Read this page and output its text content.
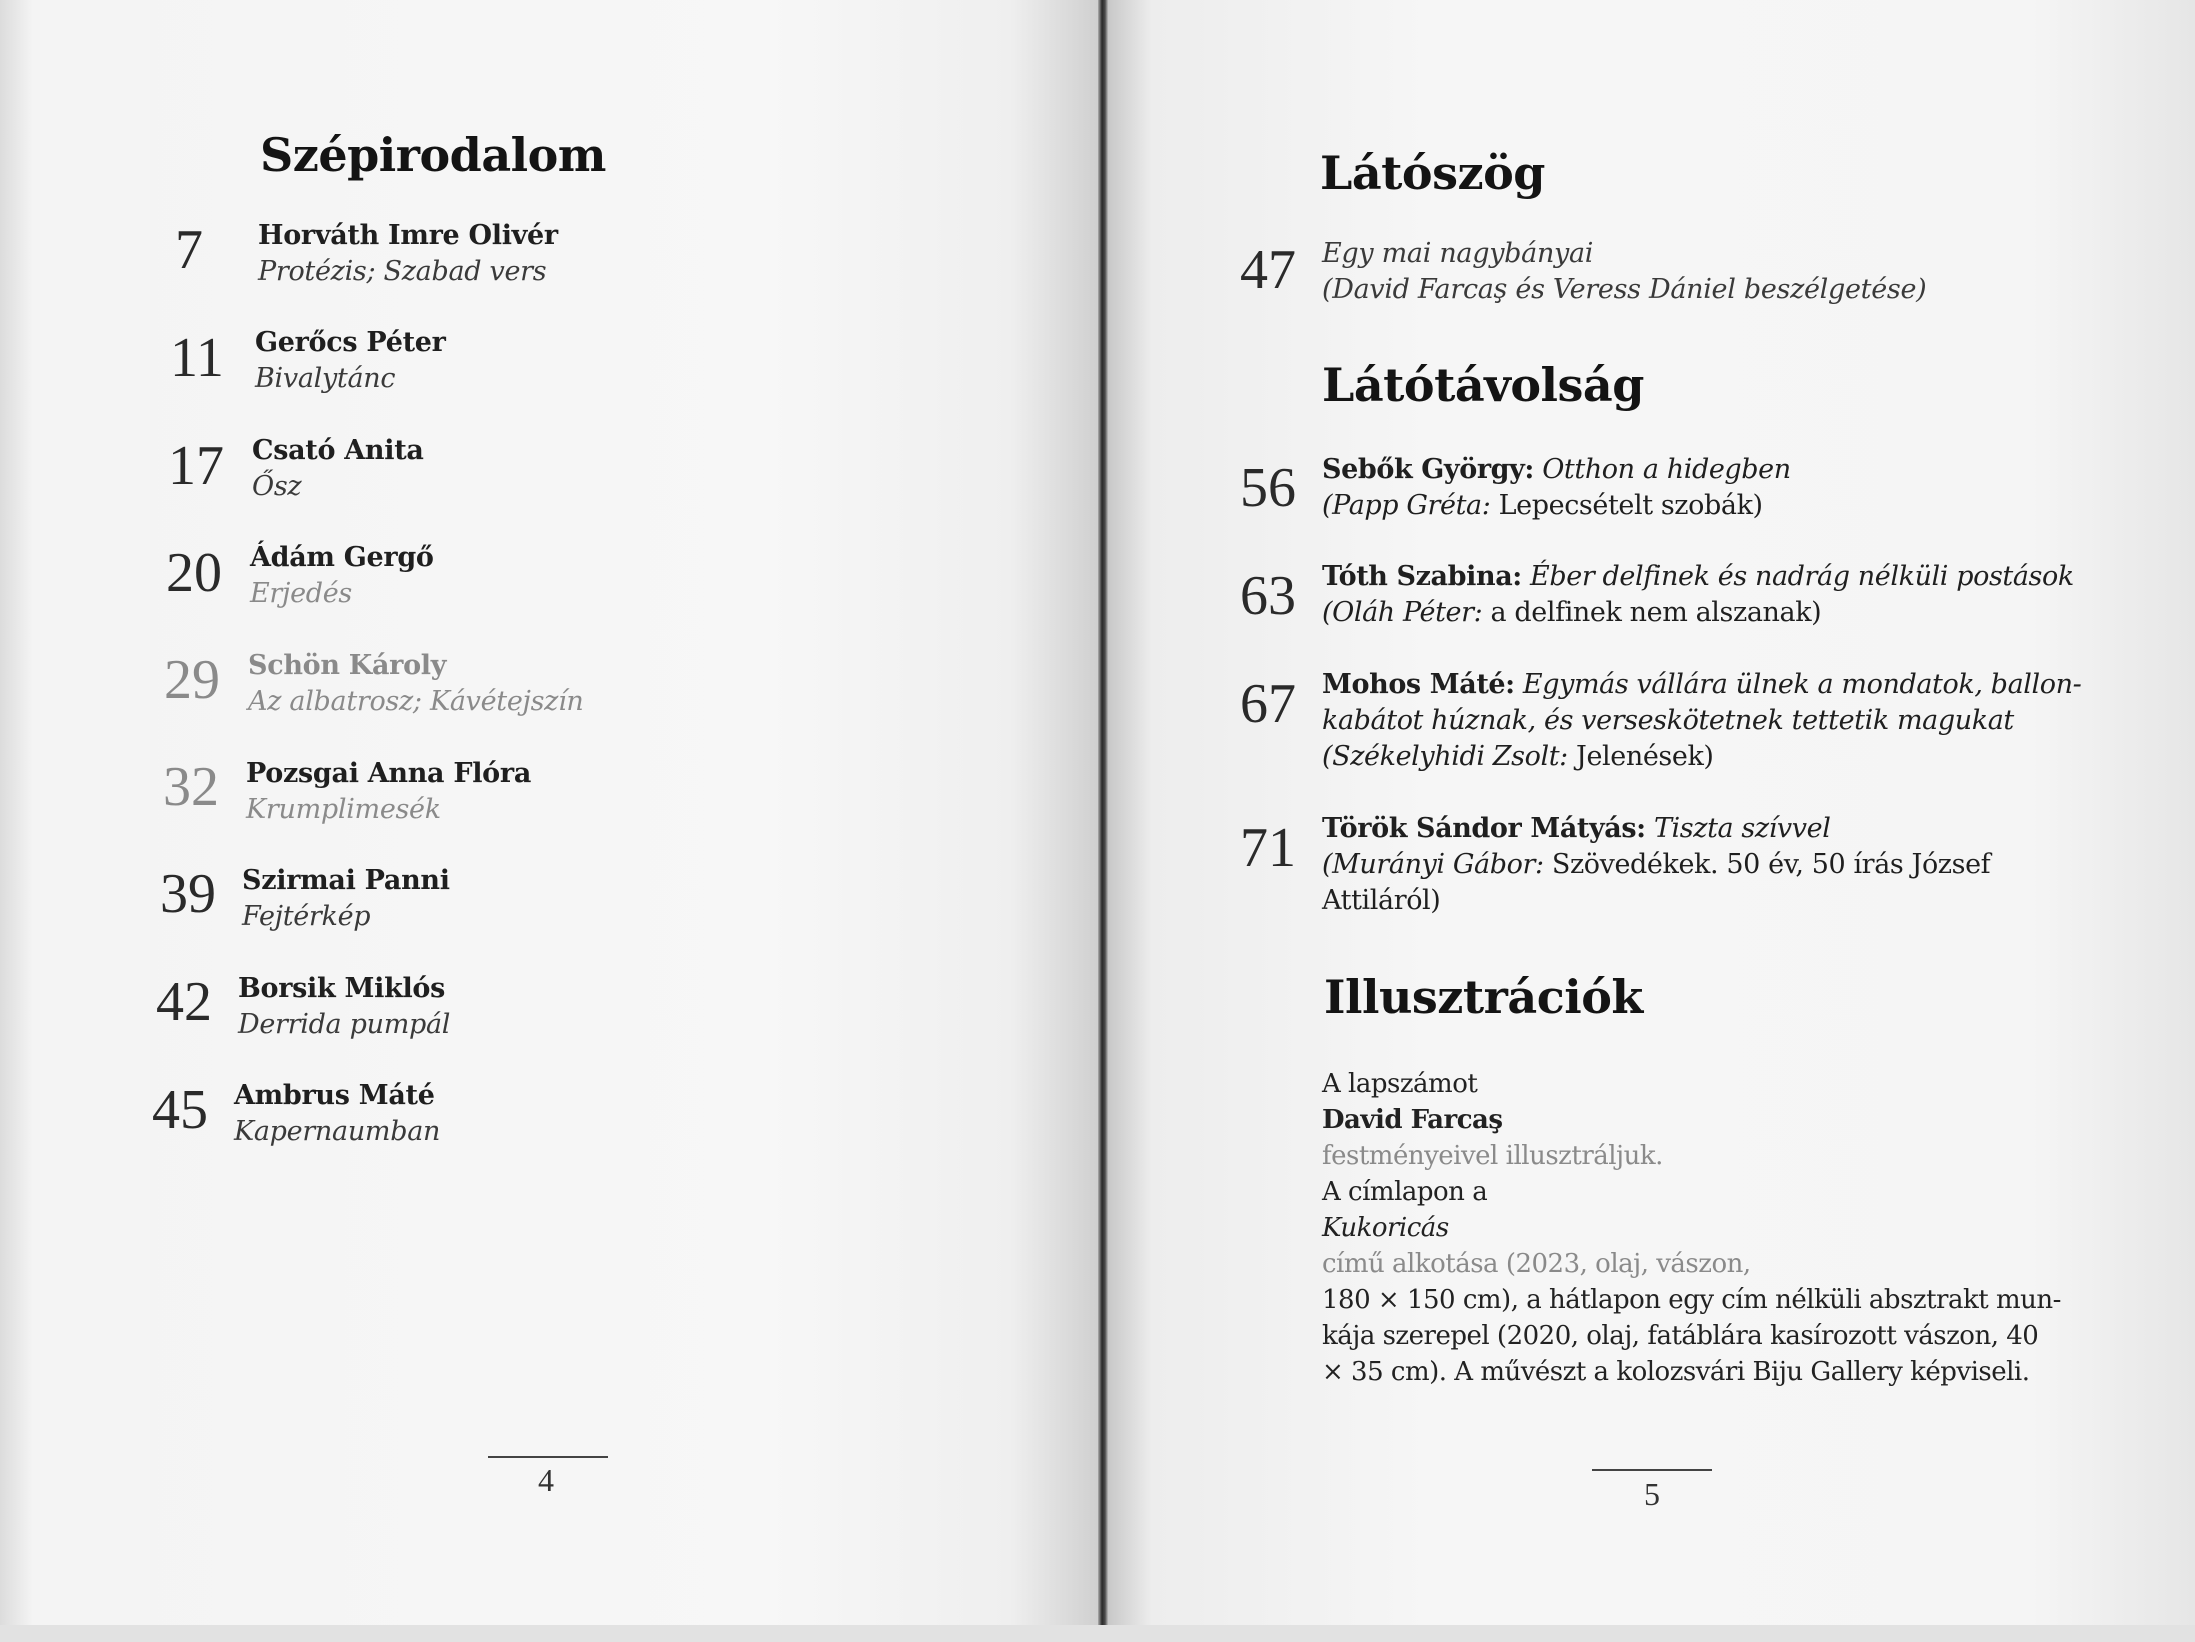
Szépirodalom
7 Horváth Imre Olivér
Protézis; Szabad vers
11 Gerőcs Péter
Bivalytánc
17 Csató Anita
Ősz
20 Ádám Gergő
Erjedés
29 Schön Károly
Az albatrosz; Kávétejszín
32 Pozsgai Anna Flóra
Krumplimesék
39 Szirmai Panni
Fejtérkép
42 Borsik Miklós
Derrida pumpál
45 Ambrus Máté
Kapernaumban
4
Látószög
47 Egy mai nagybányai
(David Farcaş és Veress Dániel beszélgetése)
Látótávolság
56 Sebők György: Otthon a hidegben
(Papp Gréta: Lepecsételt szobák)
63 Tóth Szabina: Éber delfinek és nadrág nélküli postások
(Oláh Péter: a delfinek nem alszanak)
67 Mohos Máté: Egymás vállára ülnek a mondatok, ballon-
kabátot húznak, és verseskötetnek tettetik magukat
(Székelyhidi Zsolt: Jelenések)
71 Török Sándor Mátyás: Tiszta szívvel
(Murányi Gábor: Szövedékek. 50 év, 50 írás József
Attiláról)
Illusztrációk
5
A lapszámot
David Farcaş
festményeivel illusztráljuk.
A címlapon a
Kukoricás
című alkotása (2023, olaj, vászon,
180 × 150 cm), a hátlapon egy cím nélküli absztrakt mun-
kája szerepel (2020, olaj, fatáblára kasírozott vászon, 40
× 35 cm). A művészt a kolozsvári Biju Gallery képviseli.
